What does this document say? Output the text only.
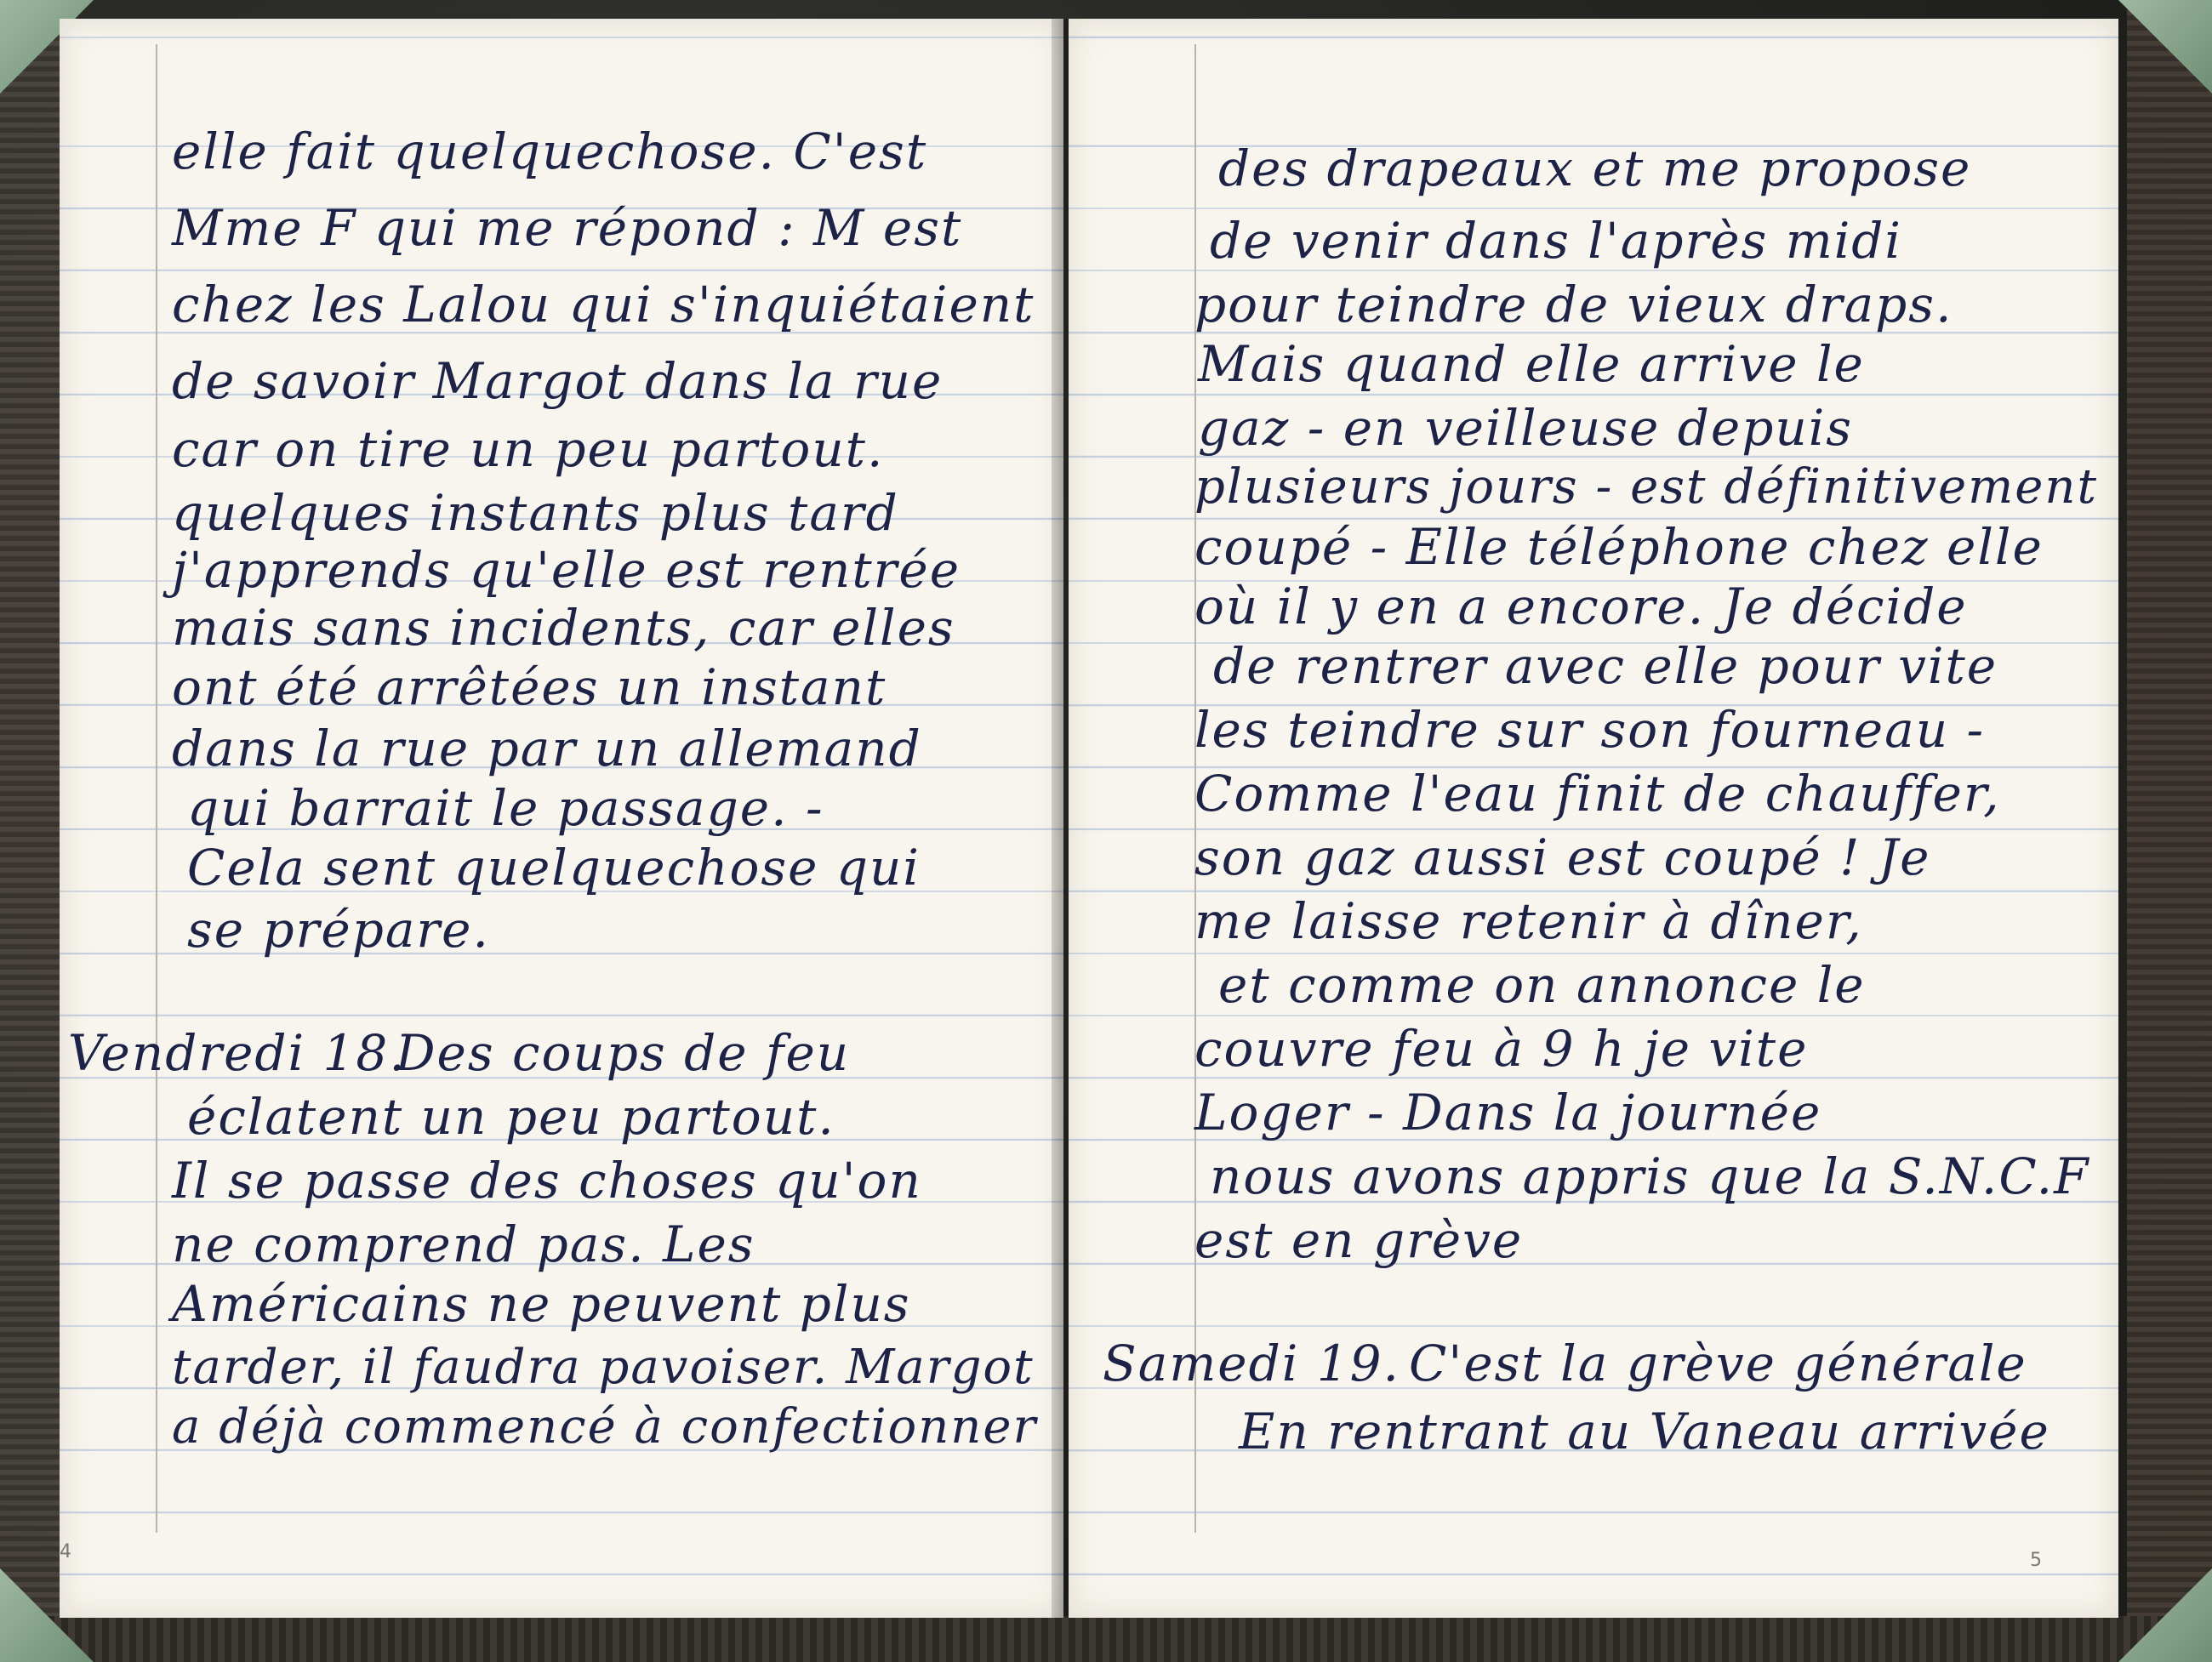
elle fait quelquechose. C'est
Mme F qui me répond : M est
chez les Lalou qui s'inquiétaient
de savoir Margot dans la rue
car on tire un peu partout.
quelques instants plus tard
j'apprends qu'elle est rentrée
mais sans incidents, car elles
ont été arrêtées un instant
dans la rue par un allemand
qui barrait le passage. -
Cela sent quelquechose qui
se prépare.
Vendredi 18.
Des coups de feu
éclatent un peu partout.
Il se passe des choses qu'on
ne comprend pas. Les
Américains ne peuvent plus
tarder, il faudra pavoiser. Margot
a déjà commencé à confectionner
4
des drapeaux et me propose
de venir dans l'après midi
pour teindre de vieux draps.
Mais quand elle arrive le
gaz - en veilleuse depuis
plusieurs jours - est définitivement
coupé - Elle téléphone chez elle
où il y en a encore. Je décide
de rentrer avec elle pour vite
les teindre sur son fourneau -
Comme l'eau finit de chauffer,
son gaz aussi est coupé ! Je
me laisse retenir à dîner,
et comme on annonce le
couvre feu à 9 h je vite
Loger - Dans la journée
nous avons appris que la S.N.C.F
est en grève
Samedi 19. C'est la grève générale
En rentrant au Vaneau arrivée
5
